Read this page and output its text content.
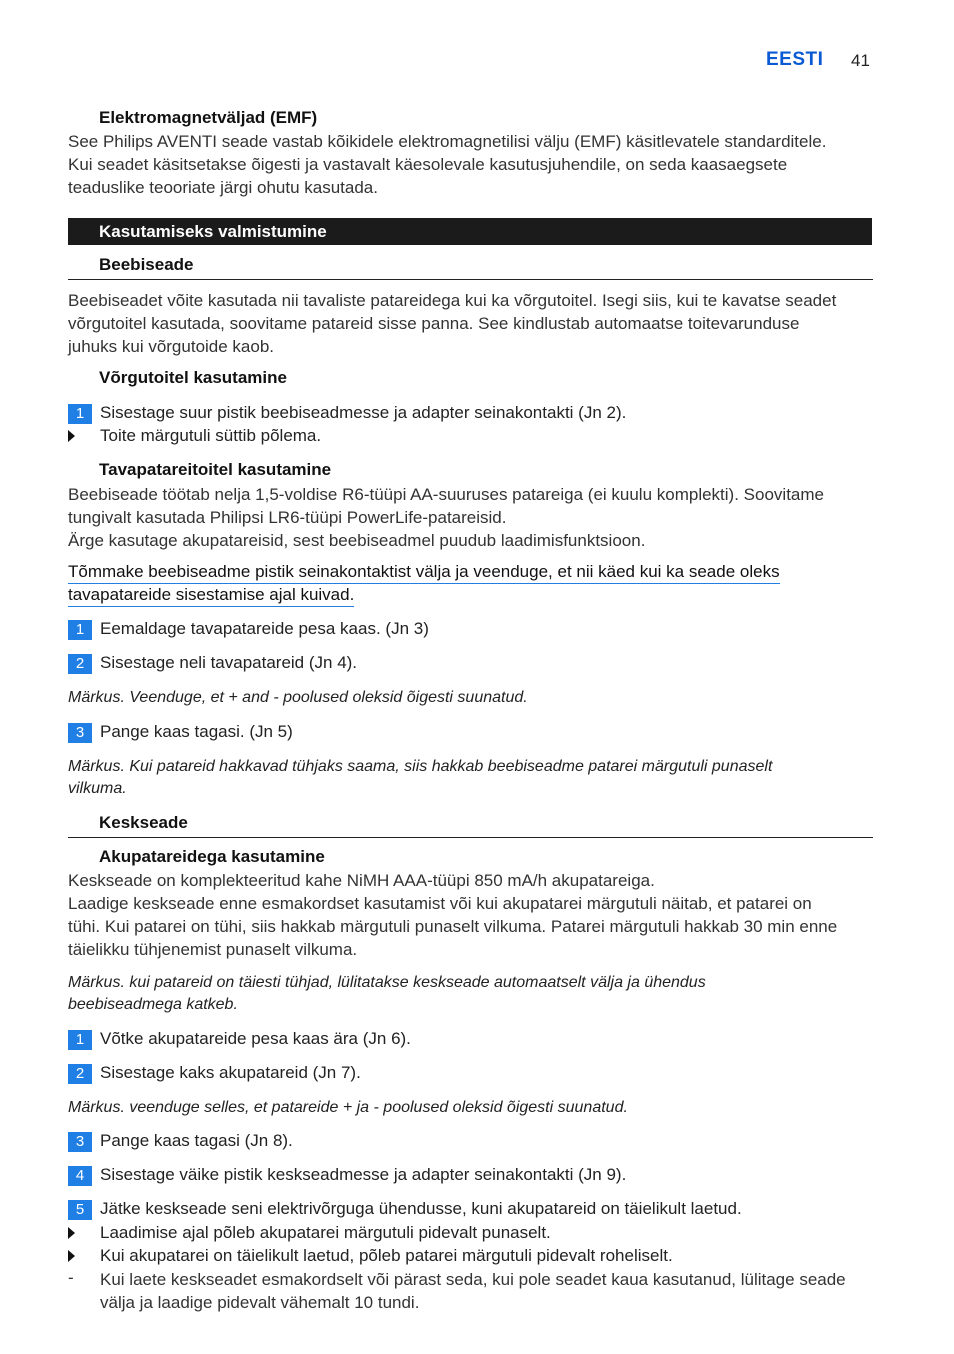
EESTI 41
Elektromagnetväljad (EMF)
See Philips AVENTI seade vastab kõikidele elektromagnetilisi välju (EMF) käsitlevatele standarditele.
Kui seadet käsitsetakse õigesti ja vastavalt käesolevale kasutusjuhendile, on seda kaasaegsete
teaduslike teooriate järgi ohutu kasutada.
Kasutamiseks valmistumine
Beebiseade
Beebiseadet võite kasutada nii tavaliste patareidega kui ka võrgutoitel. Isegi siis, kui te kavatse seadet
võrgutoitel kasutada, soovitame patareid sisse panna. See kindlustab automaatse toitevarunduse
juhuks kui võrgutoide kaob.
Võrgutoitel kasutamine
1 Sisestage suur pistik beebiseadmesse ja adapter seinakontakti (Jn 2).
Toite märgutuli süttib põlema.
Tavapatareitoitel kasutamine
Beebiseade töötab nelja 1,5-voldise R6-tüüpi AA-suuruses patareiga (ei kuulu komplekti). Soovitame
tungivalt kasutada Philipsi LR6-tüüpi PowerLife-patareisid.
Ärge kasutage akupatareisid, sest beebiseadmel puudub laadimisfunktsioon.
Tõmmake beebiseadme pistik seinakontaktist välja ja veenduge, et nii käed kui ka seade oleks
tavapatareide sisestamise ajal kuivad.
1 Eemaldage tavapatareide pesa kaas. (Jn 3)
2 Sisestage neli tavapatareid (Jn 4).
Märkus. Veenduge, et + and - poolused oleksid õigesti suunatud.
3 Pange kaas tagasi. (Jn 5)
Märkus. Kui patareid hakkavad tühjaks saama, siis hakkab beebiseadme patarei märgutuli punaselt
vilkuma.
Keskseade
Akupatareidega kasutamine
Keskseade on komplekteeritud kahe NiMH AAA-tüüpi 850 mA/h akupatareiga.
Laadige keskseade enne esmakordset kasutamist või kui akupatarei märgutuli näitab, et patarei on
tühi. Kui patarei on tühi, siis hakkab märgutuli punaselt vilkuma. Patarei märgutuli hakkab 30 min enne
täielikku tühjenemist punaselt vilkuma.
Märkus. kui patareid on täiesti tühjad, lülitatakse keskseade automaatselt välja ja ühendus
beebiseadmega katkeb.
1 Võtke akupatareide pesa kaas ära (Jn 6).
2 Sisestage kaks akupatareid (Jn 7).
Märkus. veenduge selles, et patareide + ja - poolused oleksid õigesti suunatud.
3 Pange kaas tagasi (Jn 8).
4 Sisestage väike pistik keskseadmesse ja adapter seinakontakti (Jn 9).
5 Jätke keskseade seni elektrivõrguga ühendusse, kuni akupatareid on täielikult laetud.
Laadimise ajal põleb akupatarei märgutuli pidevalt punaselt.
Kui akupatarei on täielikult laetud, põleb patarei märgutuli pidevalt roheliselt.
- Kui laete keskseadet esmakordselt või pärast seda, kui pole seadet kaua kasutanud, lülitage seade
välja ja laadige pidevalt vähemalt 10 tundi.
